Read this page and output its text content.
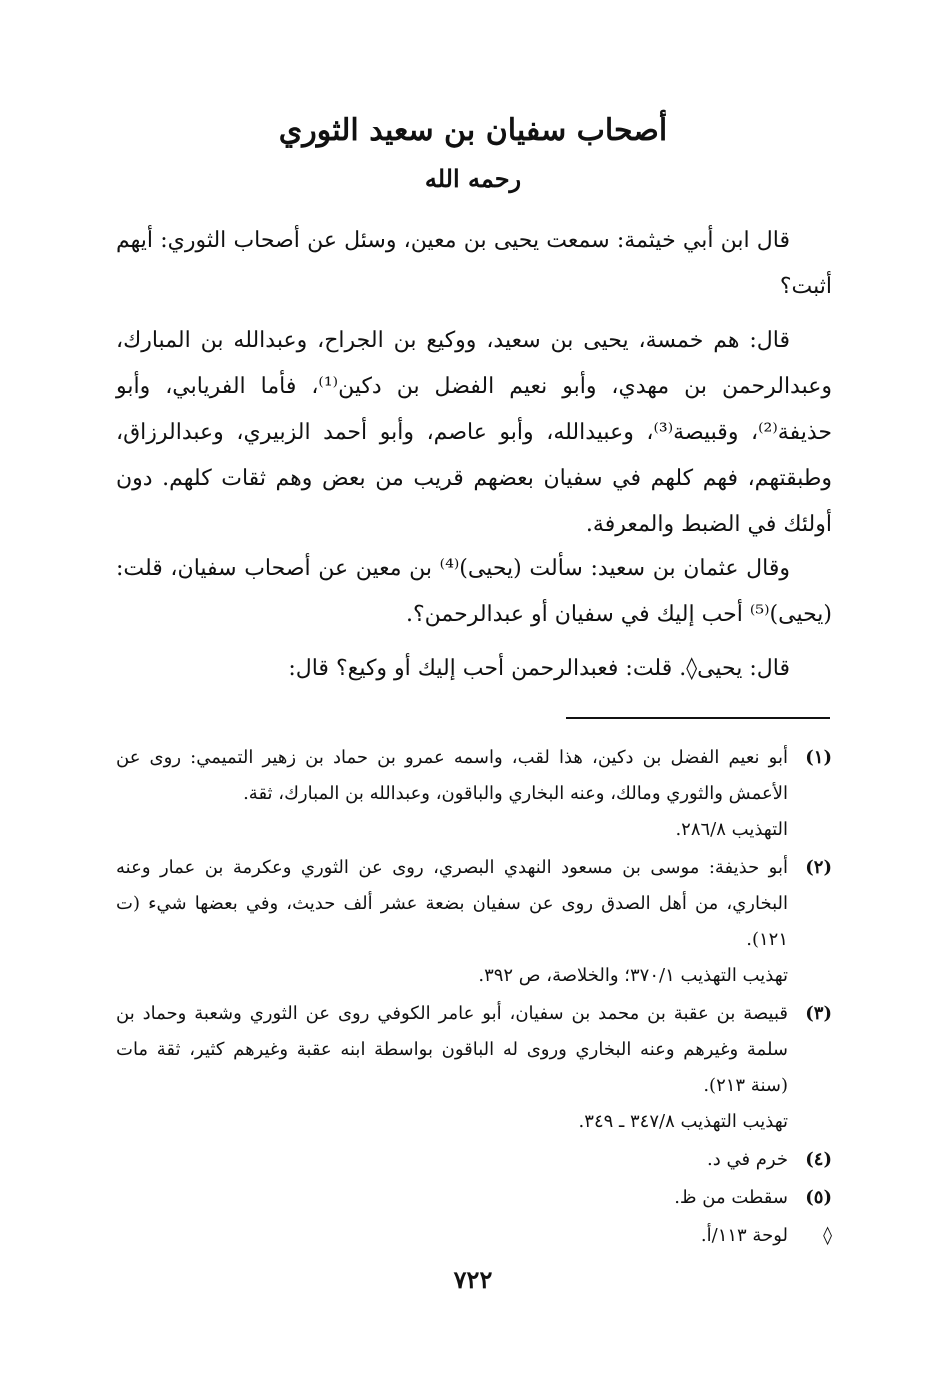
أصحاب سفيان بن سعيد الثوري
رحمه الله
قال ابن أبي خيثمة: سمعت يحيى بن معين، وسئل عن أصحاب الثوري: أيهم أثبت؟
قال: هم خمسة، يحيى بن سعيد، ووكيع بن الجراح، وعبدالله بن المبارك، وعبدالرحمن بن مهدي، وأبو نعيم الفضل بن دكين⁽¹⁾، فأما الفريابي، وأبو حذيفة⁽²⁾، وقبيصة⁽³⁾، وعبيدالله، وأبو عاصم، وأبو أحمد الزبيري، وعبدالرزاق، وطبقتهم، فهم كلهم في سفيان بعضهم قريب من بعض وهم ثقات كلهم. دون أولئك في الضبط والمعرفة.
وقال عثمان بن سعيد: سألت (يحيى)⁽⁴⁾ بن معين عن أصحاب سفيان، قلت: (يحيى)⁽⁵⁾ أحب إليك في سفيان أو عبدالرحمن؟.
قال: يحيى◊. قلت: فعبدالرحمن أحب إليك أو وكيع؟ قال:
(١)
أبو نعيم الفضل بن دكين، هذا لقب، واسمه عمرو بن حماد بن زهير التميمي: روى عن الأعمش والثوري ومالك، وعنه البخاري والباقون، وعبدالله بن المبارك، ثقة.
التهذيب ٢٨٦/٨.
(٢)
أبو حذيفة: موسى بن مسعود النهدي البصري، روى عن الثوري وعكرمة بن عمار وعنه البخاري، من أهل الصدق روى عن سفيان بضعة عشر ألف حديث، وفي بعضها شيء (ت ١٢١).
تهذيب التهذيب ٣٧٠/١؛ والخلاصة، ص ٣٩٢.
(٣)
قبيصة بن عقبة بن محمد بن سفيان، أبو عامر الكوفي روى عن الثوري وشعبة وحماد بن سلمة وغيرهم وعنه البخاري وروى له الباقون بواسطة ابنه عقبة وغيرهم كثير، ثقة مات (سنة ٢١٣).
تهذيب التهذيب ٣٤٧/٨ ـ ٣٤٩.
(٤)
خرم في د.
(٥)
سقطت من ظ.
◊
لوحة ١١٣/أ.
٧٢٢
